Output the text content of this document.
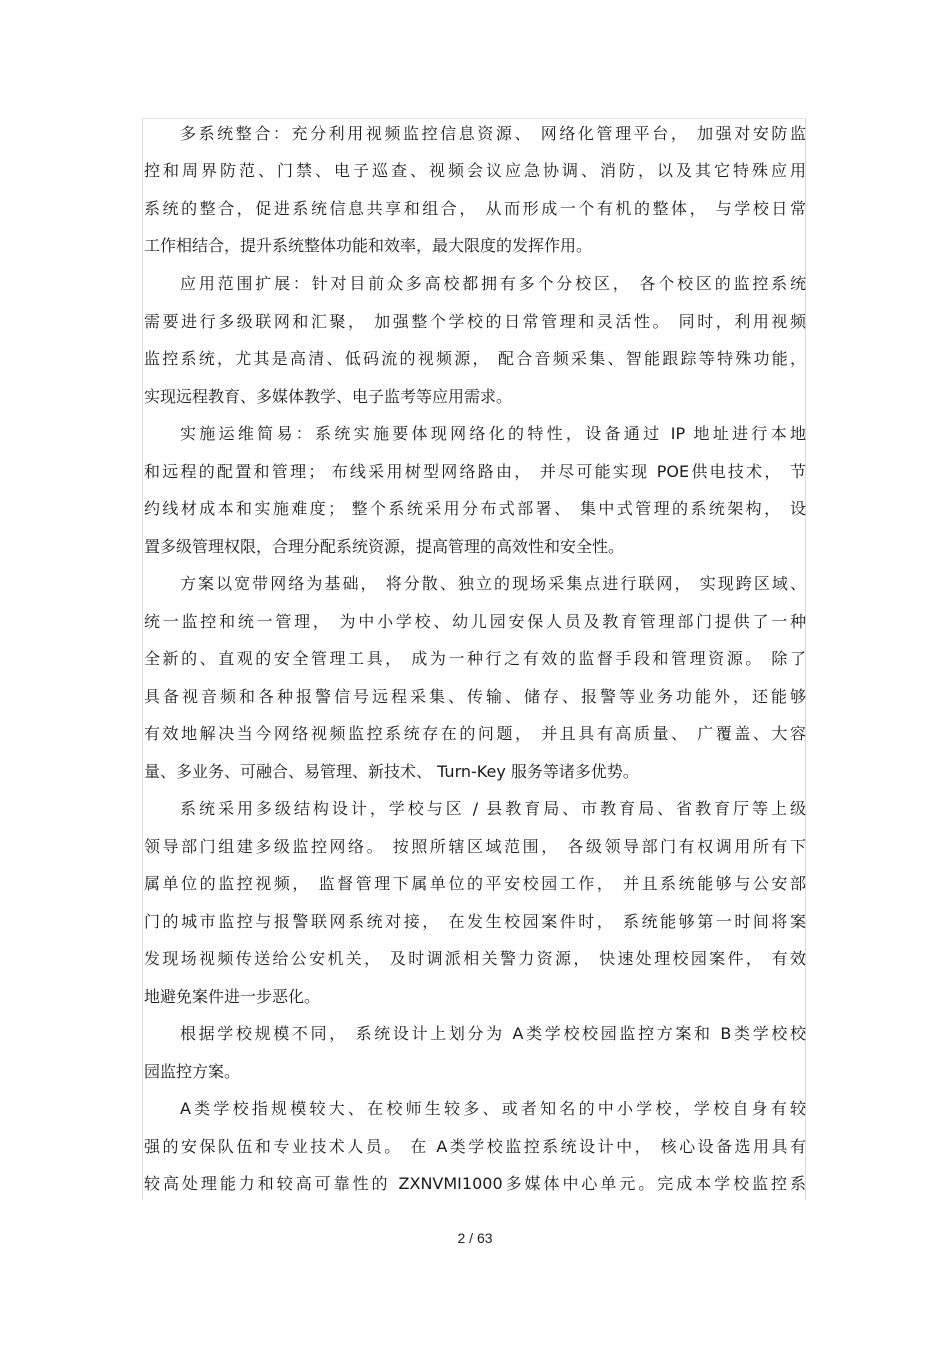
多系统整合：充分利用视频监控信息资源、 网络化管理平台， 加强对安防监
控和周界防范、门禁、电子巡查、视频会议应急协调、消防，以及其它特殊应用
系统的整合，促进系统信息共享和组合， 从而形成一个有机的整体， 与学校日常
工作相结合，提升系统整体功能和效率，最大限度的发挥作用。
应用范围扩展：针对目前众多高校都拥有多个分校区， 各个校区的监控系统
需要进行多级联网和汇聚， 加强整个学校的日常管理和灵活性。 同时，利用视频
监控系统，尤其是高清、低码流的视频源， 配合音频采集、智能跟踪等特殊功能，
实现远程教育、多媒体教学、电子监考等应用需求。
实施运维简易：系统实施要体现网络化的特性，设备通过 IP 地址进行本地
和远程的配置和管理； 布线采用树型网络路由， 并尽可能实现 POE供电技术， 节
约线材成本和实施难度； 整个系统采用分布式部署、 集中式管理的系统架构， 设
置多级管理权限，合理分配系统资源，提高管理的高效性和安全性。
方案以宽带网络为基础， 将分散、独立的现场采集点进行联网， 实现跨区域、
统一监控和统一管理， 为中小学校、幼儿园安保人员及教育管理部门提供了一种
全新的、直观的安全管理工具， 成为一种行之有效的监督手段和管理资源。 除了
具备视音频和各种报警信号远程采集、传输、储存、报警等业务功能外，还能够
有效地解决当今网络视频监控系统存在的问题， 并且具有高质量、 广覆盖、大容
量、多业务、可融合、易管理、新技术、 Turn-Key 服务等诸多优势。
系统采用多级结构设计，学校与区 / 县教育局、市教育局、省教育厅等上级
领导部门组建多级监控网络。 按照所辖区域范围， 各级领导部门有权调用所有下
属单位的监控视频， 监督管理下属单位的平安校园工作， 并且系统能够与公安部
门的城市监控与报警联网系统对接， 在发生校园案件时， 系统能够第一时间将案
发现场视频传送给公安机关， 及时调派相关警力资源， 快速处理校园案件， 有效
地避免案件进一步恶化。
根据学校规模不同， 系统设计上划分为 A类学校校园监控方案和 B类学校校
园监控方案。
A类学校指规模较大、在校师生较多、或者知名的中小学校，学校自身有较
强的安保队伍和专业技术人员。 在 A类学校监控系统设计中， 核心设备选用具有
较高处理能力和较高可靠性的 ZXNVMI1000多媒体中心单元。完成本学校监控系
2 / 63
